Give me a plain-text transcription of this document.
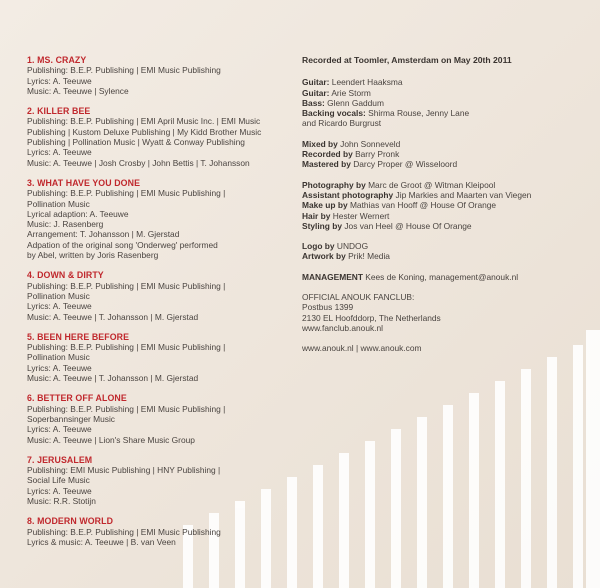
1. MS. CRAZY
Publishing: B.E.P. Publishing | EMI Music Publishing
Lyrics: A. Teeuwe
Music: A. Teeuwe | Sylence
2. KILLER BEE
Publishing: B.E.P. Publishing | EMI April Music Inc. | EMI Music
Publishing | Kustom Deluxe Publishing | My Kidd Brother Music
Publishing | Pollination Music | Wyatt & Conway Publishing
Lyrics: A. Teeuwe
Music: A. Teeuwe | Josh Crosby | John Bettis | T. Johansson
3. WHAT HAVE YOU DONE
Publishing: B.E.P. Publishing | EMI Music Publishing |
Pollination Music
Lyrical adaption: A. Teeuwe
Music: J. Rasenberg
Arrangement: T. Johansson | M. Gjerstad
Adpation of the original song 'Onderweg' performed
by Abel, written by Joris Rasenberg
4. DOWN & DIRTY
Publishing: B.E.P. Publishing | EMI Music Publishing |
Pollination Music
Lyrics: A. Teeuwe
Music: A. Teeuwe | T. Johansson | M. Gjerstad
5. BEEN HERE BEFORE
Publishing: B.E.P. Publishing | EMI Music Publishing |
Pollination Music
Lyrics: A. Teeuwe
Music: A. Teeuwe | T. Johansson | M. Gjerstad
6. BETTER OFF ALONE
Publishing: B.E.P. Publishing | EMI Music Publishing |
Soperbannsinger Music
Lyrics: A. Teeuwe
Music: A. Teeuwe | Lion's Share Music Group
7. JERUSALEM
Publishing: EMI Music Publishing | HNY Publishing |
Social Life Music
Lyrics: A. Teeuwe
Music: R.R. Stotijn
8. MODERN WORLD
Publishing: B.E.P. Publishing | EMI Music Publishing
Lyrics & music: A. Teeuwe | B. van Veen
Recorded at Toomler, Amsterdam on May 20th 2011
Guitar: Leendert Haaksma
Guitar: Arie Storm
Bass: Glenn Gaddum
Backing vocals: Shirma Rouse, Jenny Lane
and Ricardo Burgrust
Mixed by John Sonneveld
Recorded by Barry Pronk
Mastered by Darcy Proper @ Wisseloord
Photography by Marc de Groot @ Witman Kleipool
Assistant photography Jip Markies and Maarten van Viegen
Make up by Mathias van Hooff @ House Of Orange
Hair by Hester Wernert
Styling by Jos van Heel @ House Of Orange
Logo by UNDOG
Artwork by Prik! Media
MANAGEMENT Kees de Koning, management@anouk.nl
OFFICIAL ANOUK FANCLUB:
Postbus 1399
2130 EL Hoofddorp, The Netherlands
www.fanclub.anouk.nl
www.anouk.nl | www.anouk.com
